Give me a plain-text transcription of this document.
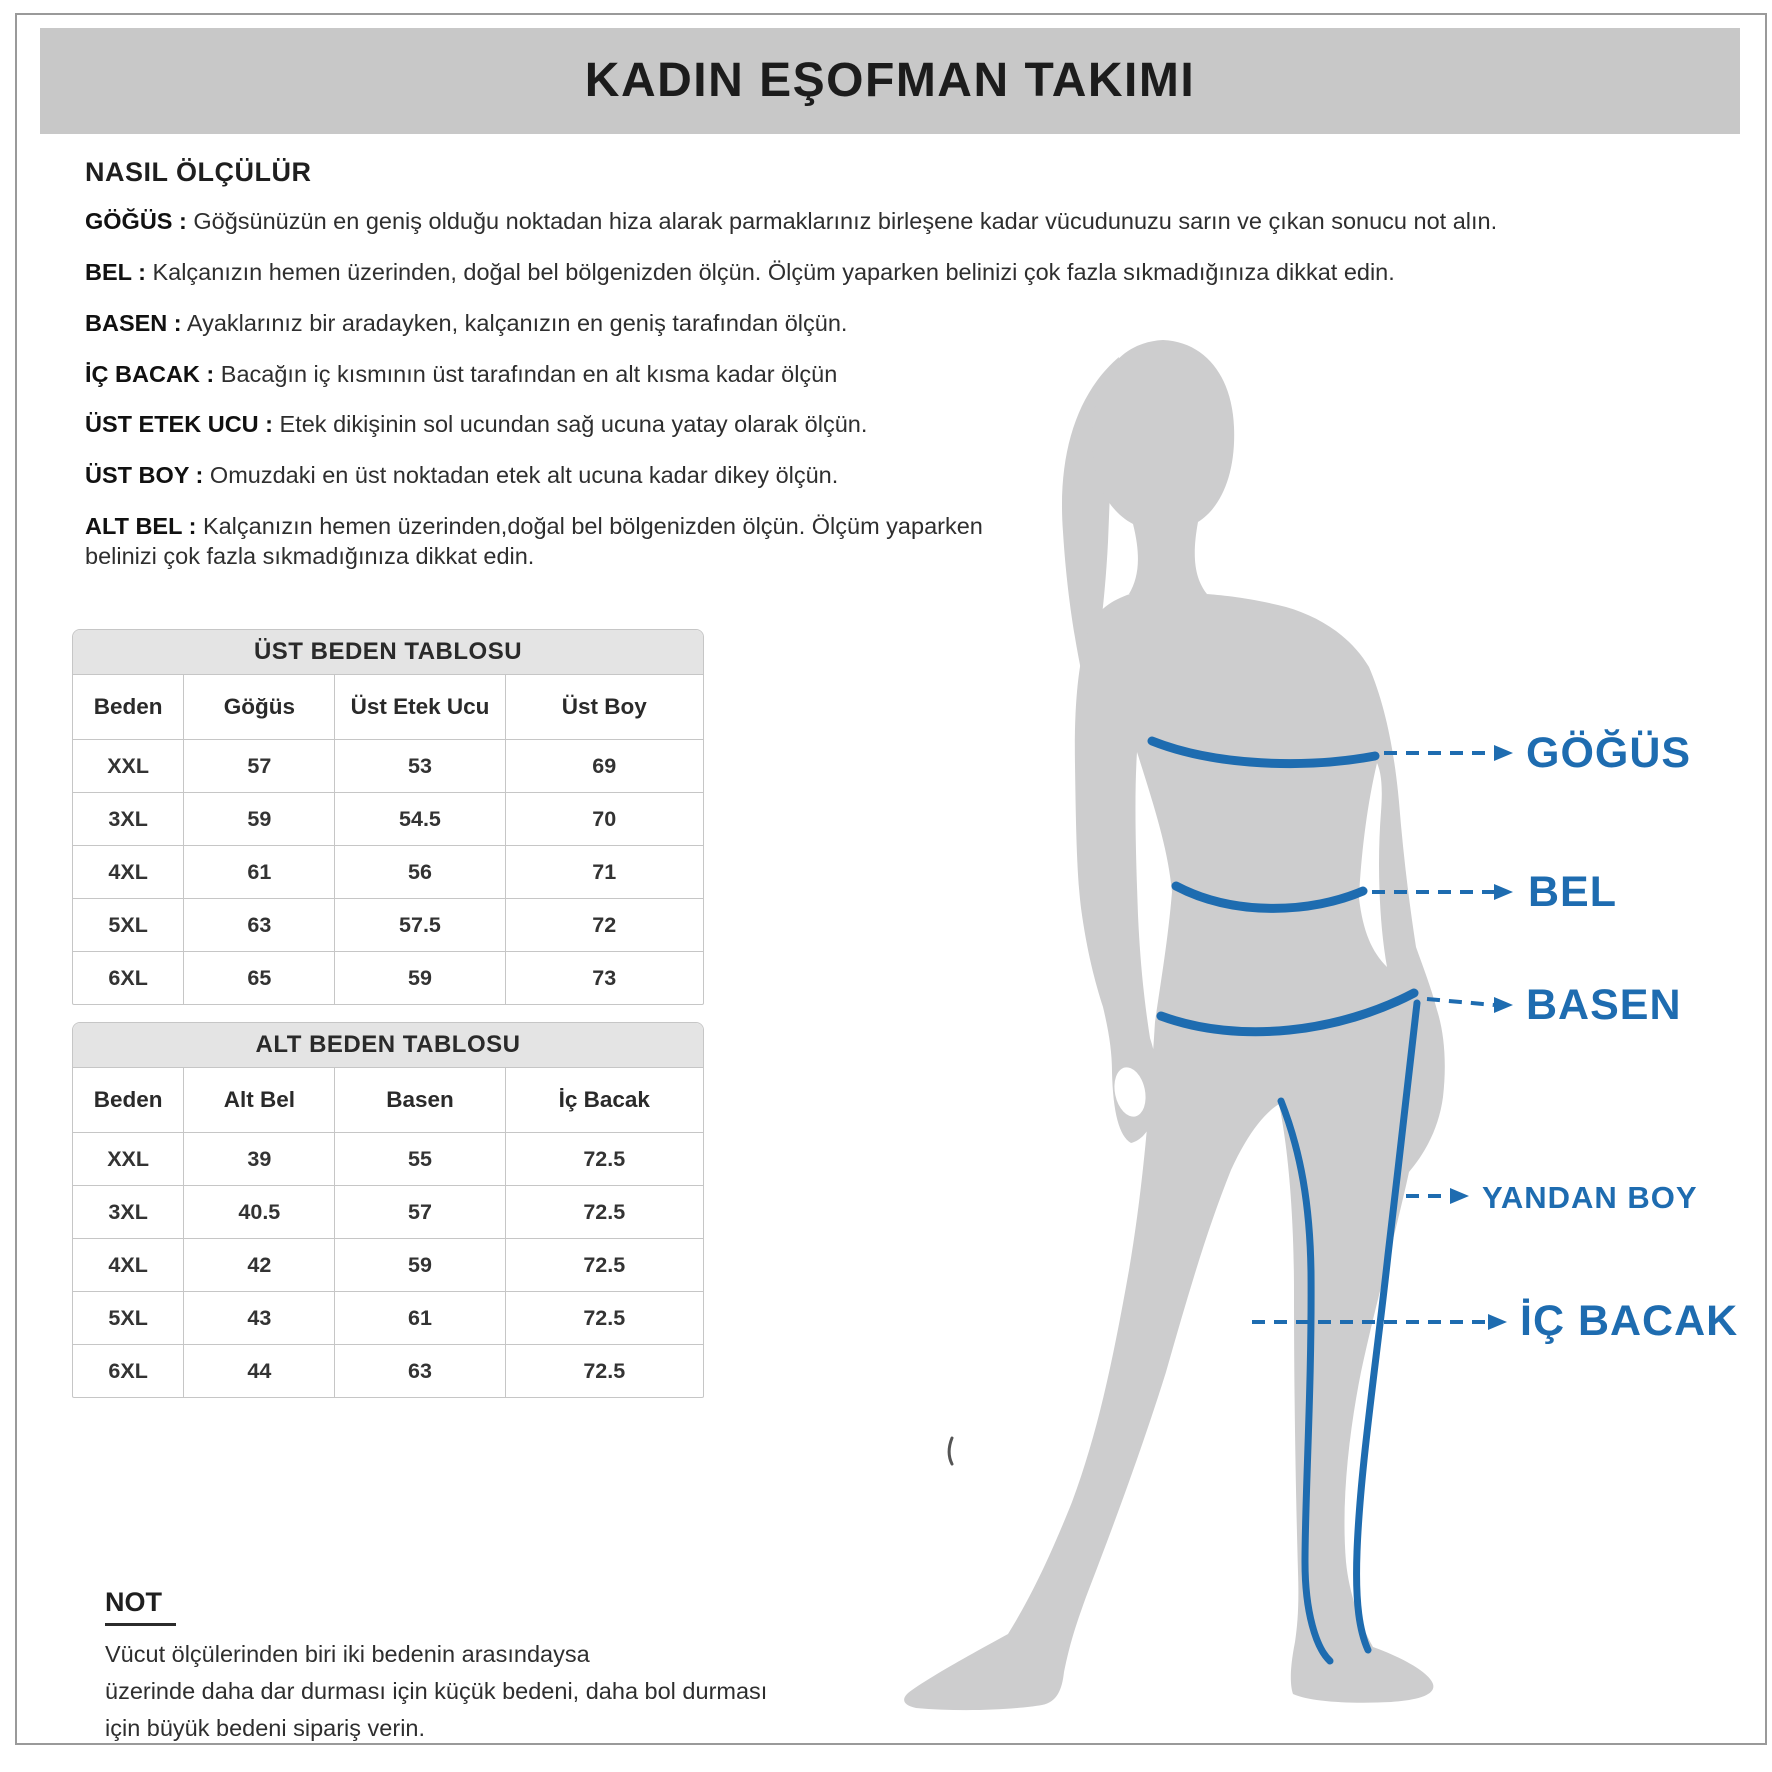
KADIN EŞOFMAN TAKIMI
NASIL ÖLÇÜLÜR

GÖĞÜS : Göğsünüzün en geniş olduğu noktadan hiza alarak parmaklarınız birleşene kadar vücudunuzu sarın ve çıkan sonucu not alın.

BEL : Kalçanızın hemen üzerinden, doğal bel bölgenizden ölçün. Ölçüm yaparken belinizi çok fazla sıkmadığınıza dikkat edin.

BASEN : Ayaklarınız bir aradayken, kalçanızın en geniş tarafından ölçün.

İÇ BACAK : Bacağın iç kısmının üst tarafından en alt kısma kadar ölçün

ÜST ETEK UCU : Etek dikişinin sol ucundan sağ ucuna yatay olarak ölçün.

ÜST BOY : Omuzdaki en üst noktadan etek alt ucuna kadar dikey ölçün.

ALT BEL : Kalçanızın hemen üzerinden,doğal bel bölgenizden ölçün. Ölçüm yaparken belinizi çok fazla sıkmadığınıza dikkat edin.

ÜST BEDEN TABLOSU
Beden	Göğüs	Üst Etek Ucu	Üst Boy
XXL	57	53	69
3XL	59	54.5	70
4XL	61	56	71
5XL	63	57.5	72
6XL	65	59	73
ALT BEDEN TABLOSU
Beden	Alt Bel	Basen	İç Bacak
XXL	39	55	72.5
3XL	40.5	57	72.5
4XL	42	59	72.5
5XL	43	61	72.5
6XL	44	63	72.5
NOT

Vücut ölçülerinden biri iki bedenin arasındaysa

üzerinde daha dar durması için küçük bedeni, daha bol durması

için büyük bedeni sipariş verin.

GÖĞÜS
BEL
BASEN
YANDAN BOY
İÇ BACAK
